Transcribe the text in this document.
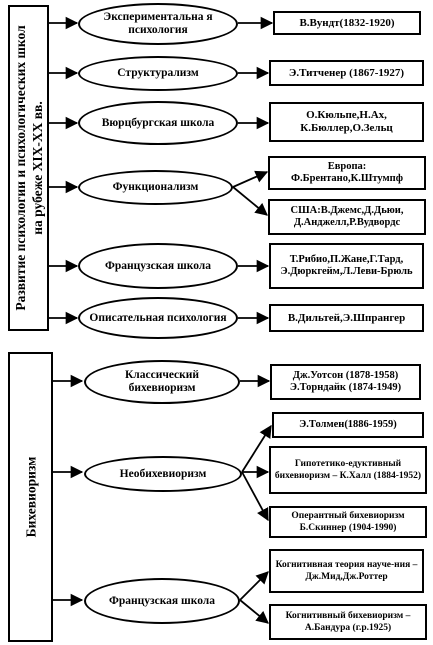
Развитие психологии и психологических школ на рубеже XIX-XX вв.
Бихевиоризм
Экспериментальна я психология
Структурализм
Вюрцбургская школа
Функционализм
Французская школа
Описательная психология
В.Вундт(1832-1920)
Э.Титченер (1867-1927)
О.Кюльпе,Н.Ах, К.Бюллер,О.Зельц
Европа: Ф.Брентано,К.Штумпф
США:В.Джемс,Д.Дьюи, Д.Анджелл,Р.Вудвордс
Т.Рибио,П.Жане,Г.Тард, Э.Дюркгейм,Л.Леви-Брюль
В.Дильтей,Э.Шпрангер
Классический бихевиоризм
Необихевиоризм
Французская школа
Дж.Уотсон (1878-1958) Э.Торндайк (1874-1949)
Э.Толмен(1886-1959)
Гипотетико-едуктивный бихевиоризм – К.Халл (1884-1952)
Оперантный бихевиоризм Б.Скиннер (1904-1990)
Когнитивная теория науче-ния – Дж.Мид,Дж.Роттер
Когнитивный бихевиоризм – А.Бандура (г.р.1925)
